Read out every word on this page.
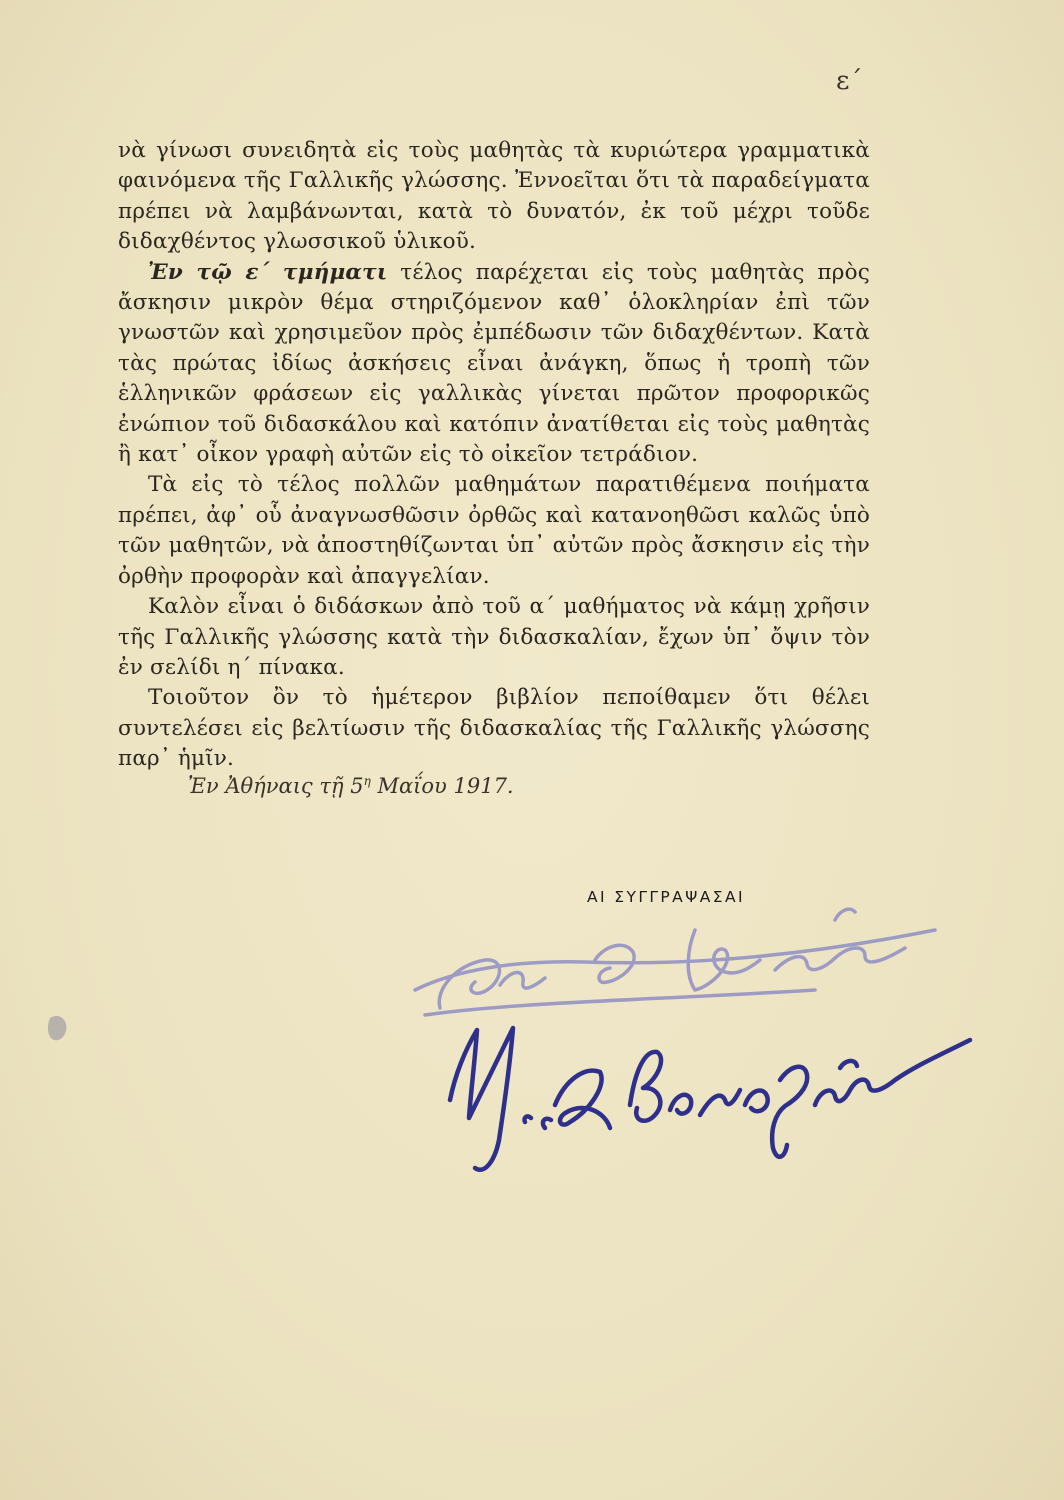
ε΄

νὰ γίνωσι συνειδητὰ εἰς τοὺς μαθητὰς τὰ κυριώτερα γραμματικὰ φαινόμενα τῆς Γαλλικῆς γλώσσης. Ἐννοεῖται ὅτι τὰ παραδείγματα πρέπει νὰ λαμβάνωνται, κατὰ τὸ δυνατόν, ἐκ τοῦ μέχρι τοῦδε διδαχθέντος γλωσσικοῦ ὑλικοῦ.

Ἐν τῷ ε΄ τμήματι τέλος παρέχεται εἰς τοὺς μαθητὰς πρὸς ἄσκησιν μικρὸν θέμα στηριζόμενον καθ᾽ ὁλοκληρίαν ἐπὶ τῶν γνωστῶν καὶ χρησιμεῦον πρὸς ἐμπέδωσιν τῶν διδαχθέντων. Κατὰ τὰς πρώτας ἰδίως ἀσκήσεις εἶναι ἀνάγκη, ὅπως ἡ τροπὴ τῶν ἑλληνικῶν φράσεων εἰς γαλλικὰς γίνεται πρῶτον προφορικῶς ἐνώπιον τοῦ διδασκάλου καὶ κατόπιν ἀνατίθεται εἰς τοὺς μαθητὰς ἢ κατ᾽ οἶκον γραφὴ αὐτῶν εἰς τὸ οἰκεῖον τετράδιον.

Τὰ εἰς τὸ τέλος πολλῶν μαθημάτων παρατιθέμενα ποιήματα πρέπει, ἀφ᾽ οὗ ἀναγνωσθῶσιν ὀρθῶς καὶ κατανοηθῶσι καλῶς ὑπὸ τῶν μαθητῶν, νὰ ἀποστηθίζωνται ὑπ᾽ αὐτῶν πρὸς ἄσκησιν εἰς τὴν ὀρθὴν προφορὰν καὶ ἀπαγγελίαν.

Καλὸν εἶναι ὁ διδάσκων ἀπὸ τοῦ α΄ μαθήματος νὰ κάμῃ χρῆσιν τῆς Γαλλικῆς γλώσσης κατὰ τὴν διδασκαλίαν, ἔχων ὑπ᾽ ὄψιν τὸν ἐν σελίδι η΄ πίνακα.

Τοιοῦτον ὂν τὸ ἡμέτερον βιβλίον πεποίθαμεν ὅτι θέλει συντελέσει εἰς βελτίωσιν τῆς διδασκαλίας τῆς Γαλλικῆς γλώσσης παρ᾽ ἡμῖν.

Ἐν Ἀθήναις τῇ $5^\eta$ Μαΐου 1917.
ΑΙ ΣΥΓΓΡΑΨΑΣΑΙ
